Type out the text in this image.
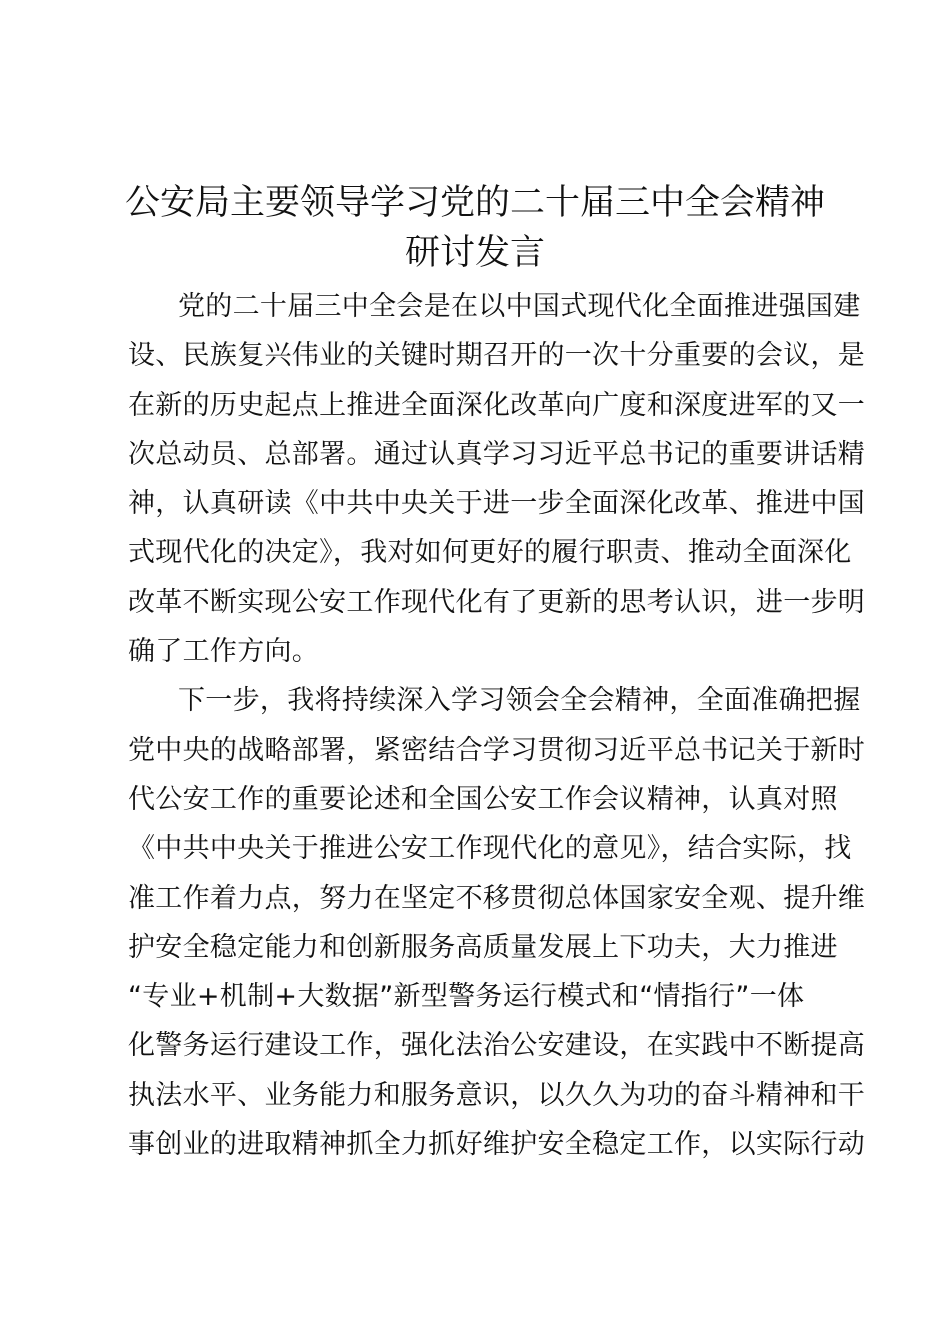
公安局主要领导学习党的二十届三中全会精神
研讨发言
党的二十届三中全会是在以中国式现代化全面推进强国建
设、民族复兴伟业的关键时期召开的一次十分重要的会议，是
在新的历史起点上推进全面深化改革向广度和深度进军的又一
次总动员、总部署。通过认真学习习近平总书记的重要讲话精
神，认真研读《中共中央关于进一步全面深化改革、推进中国
式现代化的决定》，我对如何更好的履行职责、推动全面深化
改革不断实现公安工作现代化有了更新的思考认识，进一步明
确了工作方向。
下一步，我将持续深入学习领会全会精神，全面准确把握
党中央的战略部署，紧密结合学习贯彻习近平总书记关于新时
代公安工作的重要论述和全国公安工作会议精神，认真对照
《中共中央关于推进公安工作现代化的意见》，结合实际，找
准工作着力点，努力在坚定不移贯彻总体国家安全观、提升维
护安全稳定能力和创新服务高质量发展上下功夫，大力推进
“专业+机制+大数据”新型警务运行模式和“情指行”一体
化警务运行建设工作，强化法治公安建设，在实践中不断提高
执法水平、业务能力和服务意识，以久久为功的奋斗精神和干
事创业的进取精神抓全力抓好维护安全稳定工作，以实际行动
